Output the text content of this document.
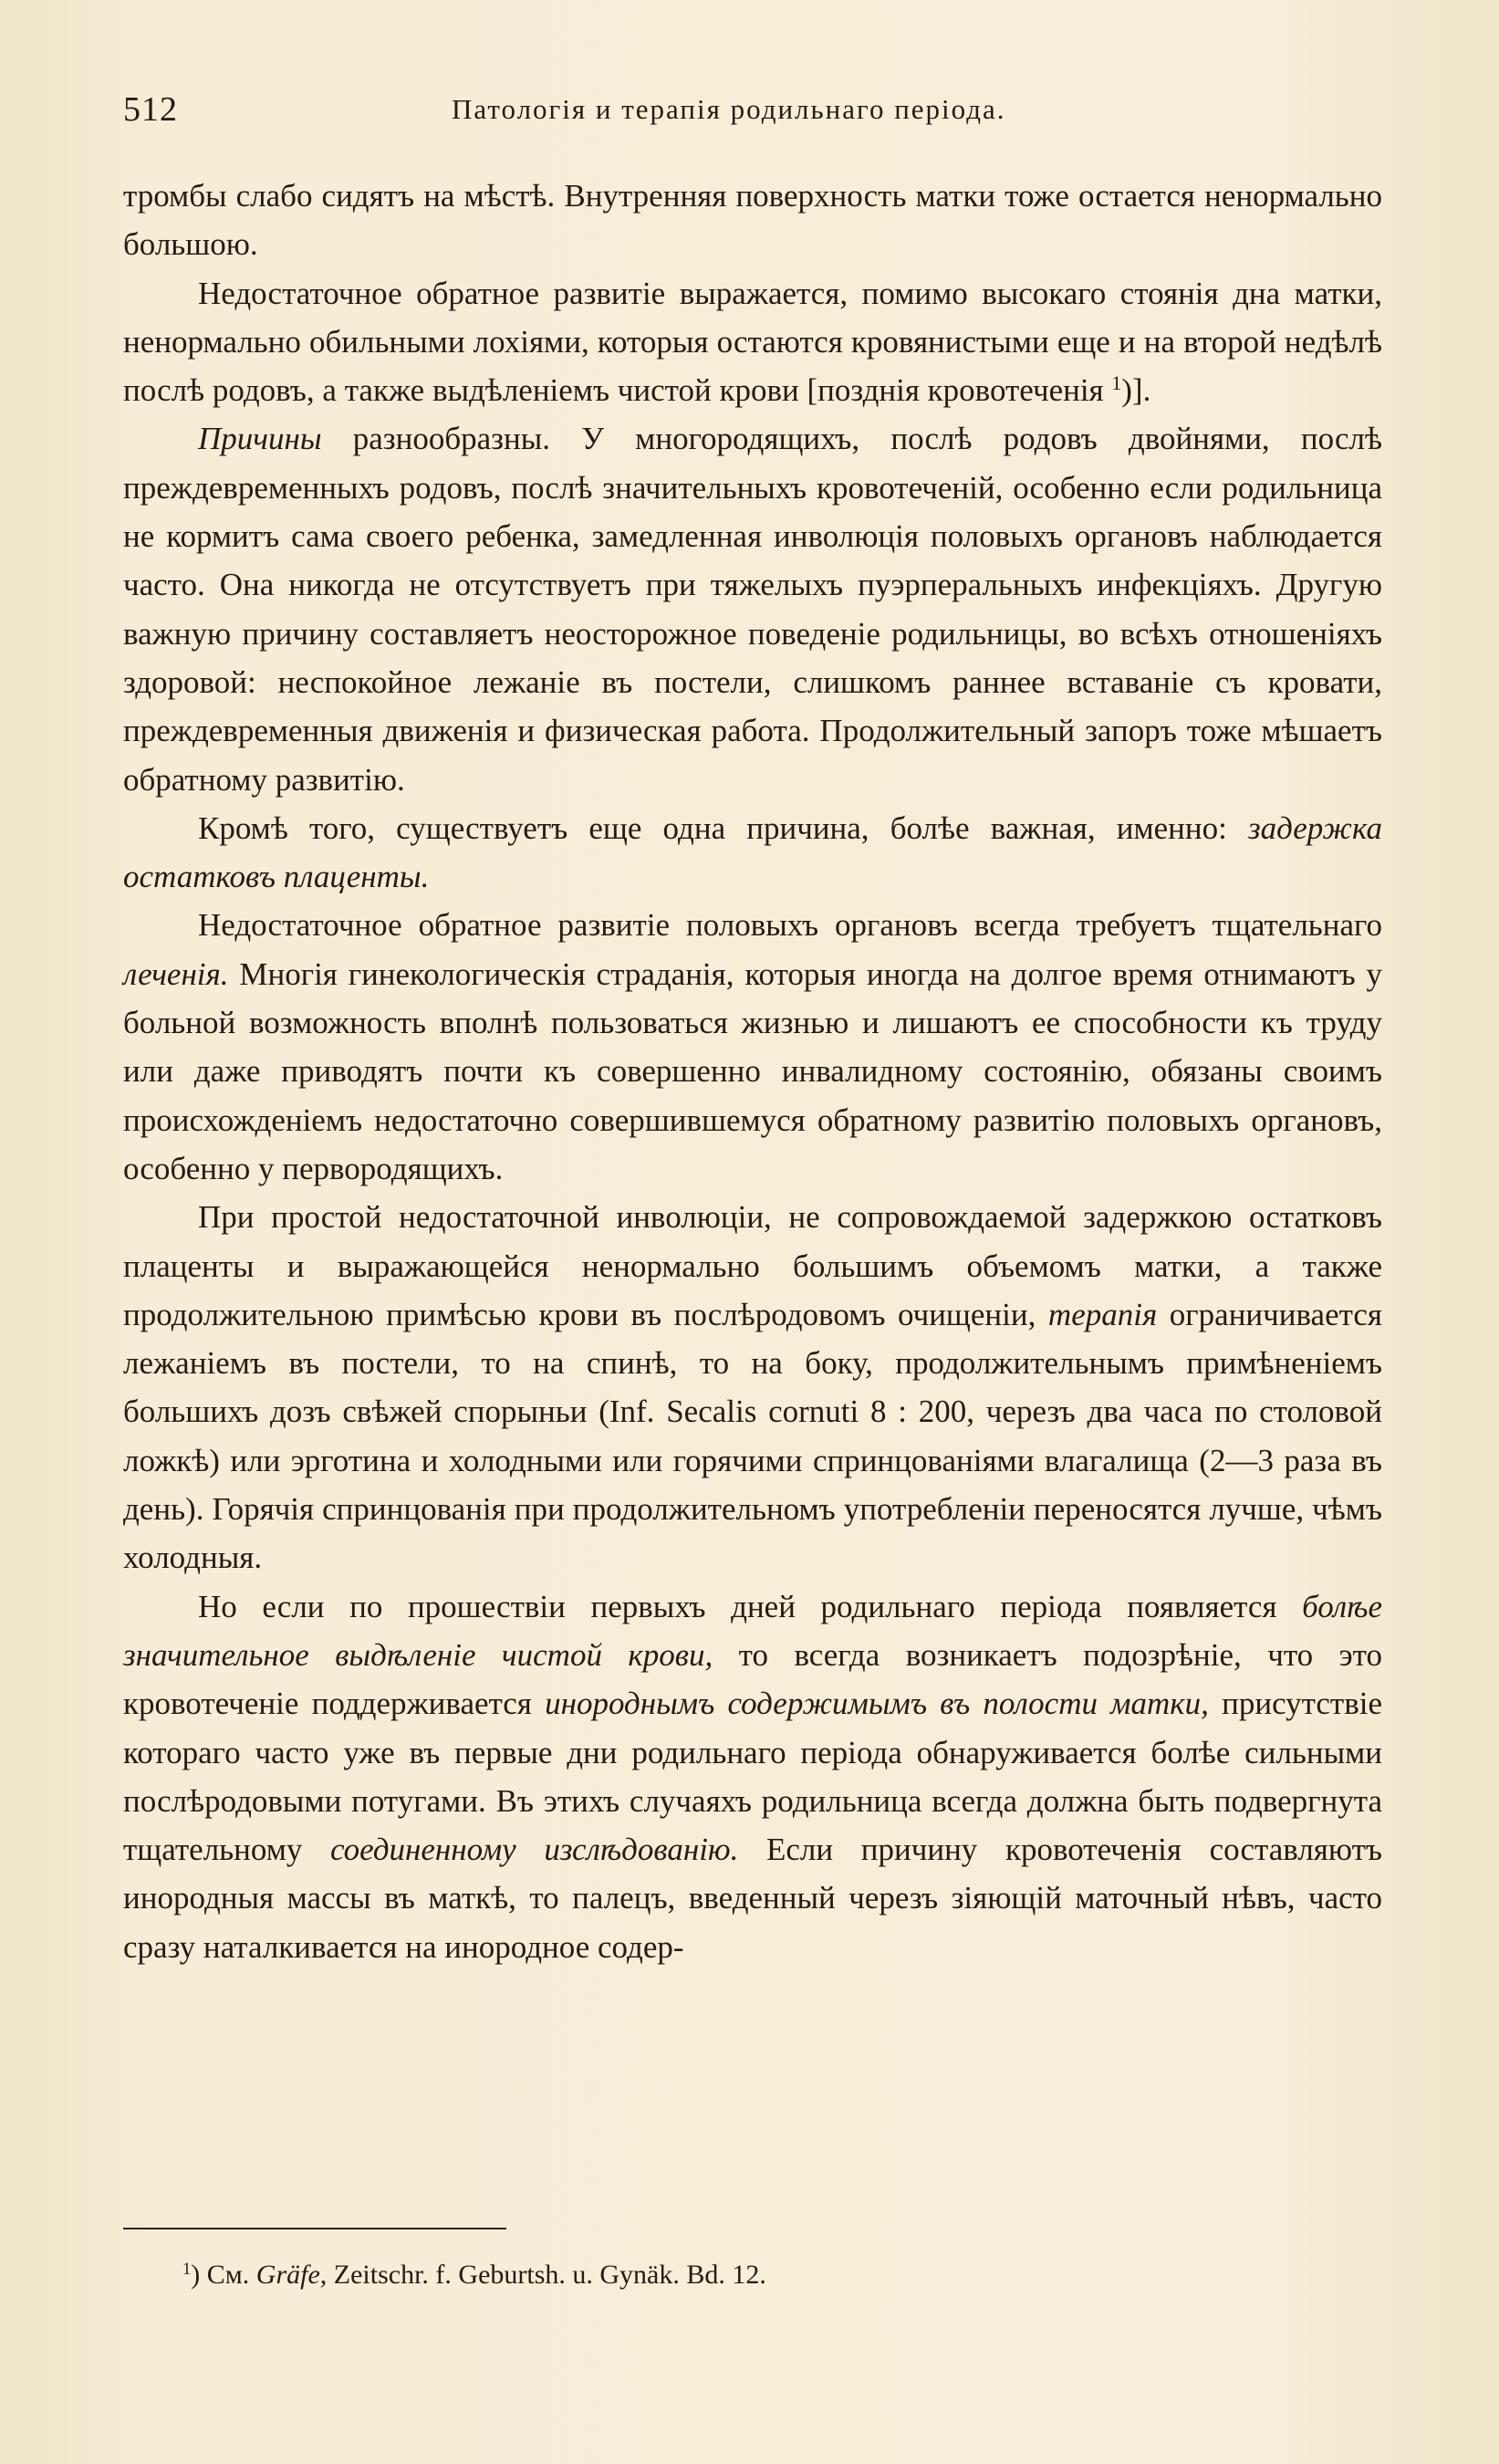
512	Патологія и терапія родильнаго періода.

тромбы слабо сидятъ на мѣстѣ. Внутренняя поверхность матки тоже остается ненормально большою.

Недостаточное обратное развитіе выражается, помимо высокаго стоянія дна матки, ненормально обильными лохіями, которыя остаются кровянистыми еще и на второй недѣлѣ послѣ родовъ, а также выдѣленіемъ чистой крови [позднія кровотеченія $^1$)].

Причины разнообразны. У многородящихъ, послѣ родовъ двойнями, послѣ преждевременныхъ родовъ, послѣ значительныхъ кровотеченій, особенно если родильница не кормитъ сама своего ребенка, замедленная инволюція половыхъ органовъ наблюдается часто. Она никогда не отсутствуетъ при тяжелыхъ пуэрперальныхъ инфекціяхъ. Другую важную причину составляетъ неосторожное поведеніе родильницы, во всѣхъ отношеніяхъ здоровой: неспокойное лежаніе въ постели, слишкомъ раннее вставаніе съ кровати, преждевременныя движенія и физическая работа. Продолжительный запоръ тоже мѣшаетъ обратному развитію.

Кромѣ того, существуетъ еще одна причина, болѣе важная, именно: задержка остатковъ плаценты.

Недостаточное обратное развитіе половыхъ органовъ всегда требуетъ тщательнаго леченія. Многія гинекологическія страданія, которыя иногда на долгое время отнимаютъ у больной возможность вполнѣ пользоваться жизнью и лишаютъ ее способности къ труду или даже приводятъ почти къ совершенно инвалидному состоянію, обязаны своимъ происхожденіемъ недостаточно совершившемуся обратному развитію половыхъ органовъ, особенно у первородящихъ.

При простой недостаточной инволюціи, не сопровождаемой задержкою остатковъ плаценты и выражающейся ненормально большимъ объемомъ матки, а также продолжительною примѣсью крови въ послѣродовомъ очищеніи, терапія ограничивается лежаніемъ въ постели, то на спинѣ, то на боку, продолжительнымъ примѣненіемъ большихъ дозъ свѣжей спорыньи (Inf. Secalis cornuti 8 : 200, черезъ два часа по столовой ложкѣ) или эрготина и холодными или горячими спринцованіями влагалища (2—3 раза въ день). Горячія спринцованія при продолжительномъ употребленіи переносятся лучше, чѣмъ холодныя.

Но если по прошествіи первыхъ дней родильнаго періода появляется болѣе значительное выдѣленіе чистой крови, то всегда возникаетъ подозрѣніе, что это кровотеченіе поддерживается инороднымъ содержимымъ въ полости матки, присутствіе котораго часто уже въ первые дни родильнаго періода обнаруживается болѣе сильными послѣродовыми потугами. Въ этихъ случаяхъ родильница всегда должна быть подвергнута тщательному соединенному изслѣдованію. Если причину кровотеченія составляютъ инородныя массы въ маткѣ, то палецъ, введенный черезъ зіяющій маточный нѣвъ, часто сразу наталкивается на инородное содер-

$^1$) См. Gräfe, Zeitschr. f. Geburtsh. u. Gynäk. Bd. 12.
